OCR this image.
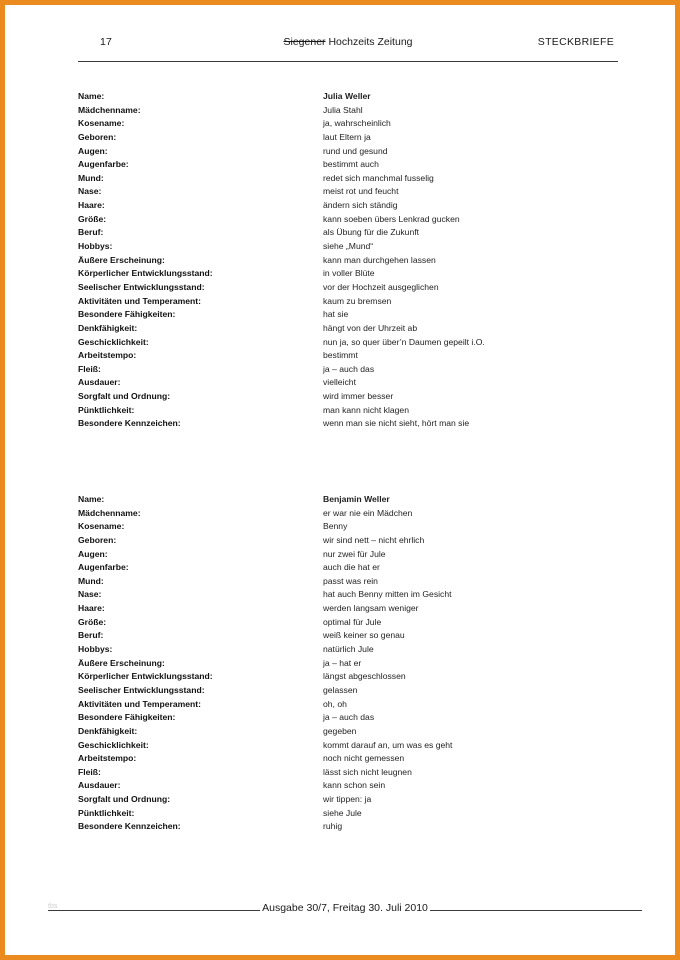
17	Siegener Hochzeits Zeitung	STECKBRIEFE
Name:	Julia Weller
Mädchenname:	Julia Stahl
Kosename:	ja, wahrscheinlich
Geboren:	laut Eltern ja
Augen:	rund und gesund
Augenfarbe:	bestimmt auch
Mund:	redet sich manchmal fusselig
Nase:	meist rot und feucht
Haare:	ändern sich ständig
Größe:	kann soeben übers Lenkrad gucken
Beruf:	als Übung für die Zukunft
Hobbys:	siehe „Mund“
Äußere Erscheinung:	kann man durchgehen lassen
Körperlicher Entwicklungsstand:	in voller Blüte
Seelischer Entwicklungsstand:	vor der Hochzeit ausgeglichen
Aktivitäten und Temperament:	kaum zu bremsen
Besondere Fähigkeiten:	hat sie
Denkfähigkeit:	hängt von der Uhrzeit ab
Geschicklichkeit:	nun ja, so quer über’n Daumen gepeilt i.O.
Arbeitstempo:	bestimmt
Fleiß:	ja – auch das
Ausdauer:	vielleicht
Sorgfalt und Ordnung:	wird immer besser
Pünktlichkeit:	man kann nicht klagen
Besondere Kennzeichen:	wenn man sie nicht sieht, hört man sie
Name:	Benjamin Weller
Mädchenname:	er war nie ein Mädchen
Kosename:	Benny
Geboren:	wir sind nett – nicht ehrlich
Augen:	nur zwei für Jule
Augenfarbe:	auch die hat er
Mund:	passt was rein
Nase:	hat auch Benny mitten im Gesicht
Haare:	werden langsam weniger
Größe:	optimal für Jule
Beruf:	weiß keiner so genau
Hobbys:	natürlich Jule
Äußere Erscheinung:	ja – hat er
Körperlicher Entwicklungsstand:	längst abgeschlossen
Seelischer Entwicklungsstand:	gelassen
Aktivitäten und Temperament:	oh, oh
Besondere Fähigkeiten:	ja – auch das
Denkfähigkeit:	gegeben
Geschicklichkeit:	kommt darauf an, um was es geht
Arbeitstempo:	noch nicht gemessen
Fleiß:	lässt sich nicht leugnen
Ausdauer:	kann schon sein
Sorgfalt und Ordnung:	wir tippen: ja
Pünktlichkeit:	siehe Jule
Besondere Kennzeichen:	ruhig
tbs	Ausgabe 30/7, Freitag 30. Juli 2010
